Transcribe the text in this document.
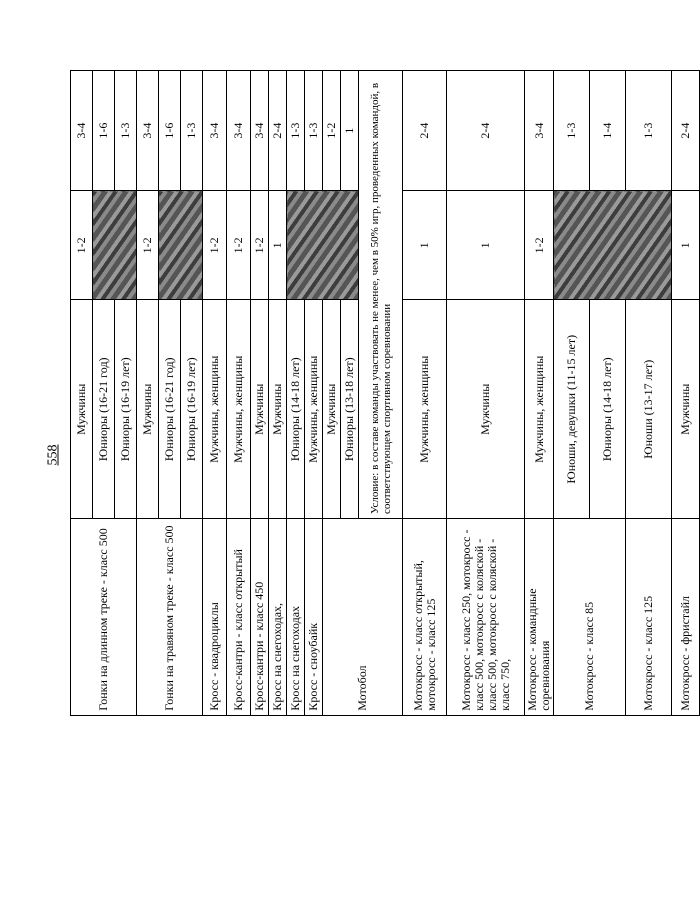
558
	Гонки на длинном треке - класс 500	Мужчины	1-2	3-4
		Юниоры (16-21 год)		1-6
		Юниоры (16-19 лет)		1-3
	Гонки на травяном треке - класс 500	Мужчины	1-2	3-4
		Юниоры (16-21 год)		1-6
		Юниоры (16-19 лет)		1-3
	Кросс - квадроциклы	Мужчины, женщины	1-2	3-4
	Кросс-кантри - класс открытый	Мужчины, женщины	1-2	3-4
	Кросс-кантри - класс 450	Мужчины	1-2	3-4
	Кросс на снегоходах,	Мужчины	1	2-4
	Кросс на снегоходах	Юниоры (14-18 лет)		1-3
	Кросс - сноубайк	Мужчины, женщины		1-3
	Мотобол	Мужчины		1-2
		Юниоры (13-18 лет)		1
		Условие: в составе команды участвовать не менее, чем в 50% игр, проведенных командой, в соответствующем спортивном соревновании		
	Мотокросс - класс открытый, мотокросс - класс 125	Мужчины, женщины	1	2-4
	Мотокросс - класс 250, мотокросс - класс 500, мотокросс с коляской - класс 500, мотокросс с коляской - класс 750,	Мужчины	1	2-4
	Мотокросс - командные соревнования	Мужчины, женщины	1-2	3-4
	Мотокросс - класс 85	Юноши, девушки (11-15 лет)		1-3
		Юниоры (14-18 лет)		1-4
	Мотокросс - класс 125	Юноши (13-17 лет)		1-3
	Мотокросс - фристайл	Мужчины	1	2-4
